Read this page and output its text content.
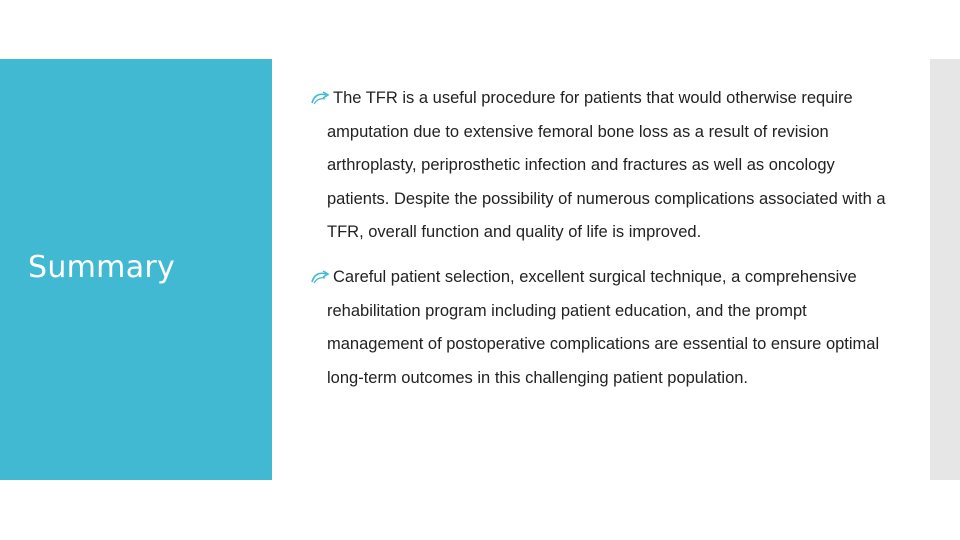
Summary
The TFR is a useful procedure for patients that would otherwise require amputation due to extensive femoral bone loss as a result of revision arthroplasty, periprosthetic infection and fractures as well as oncology patients. Despite the possibility of numerous complications associated with a TFR, overall function and quality of life is improved.
Careful patient selection, excellent surgical technique, a comprehensive rehabilitation program including patient education, and the prompt management of postoperative complications are essential to ensure optimal long-term outcomes in this challenging patient population.
